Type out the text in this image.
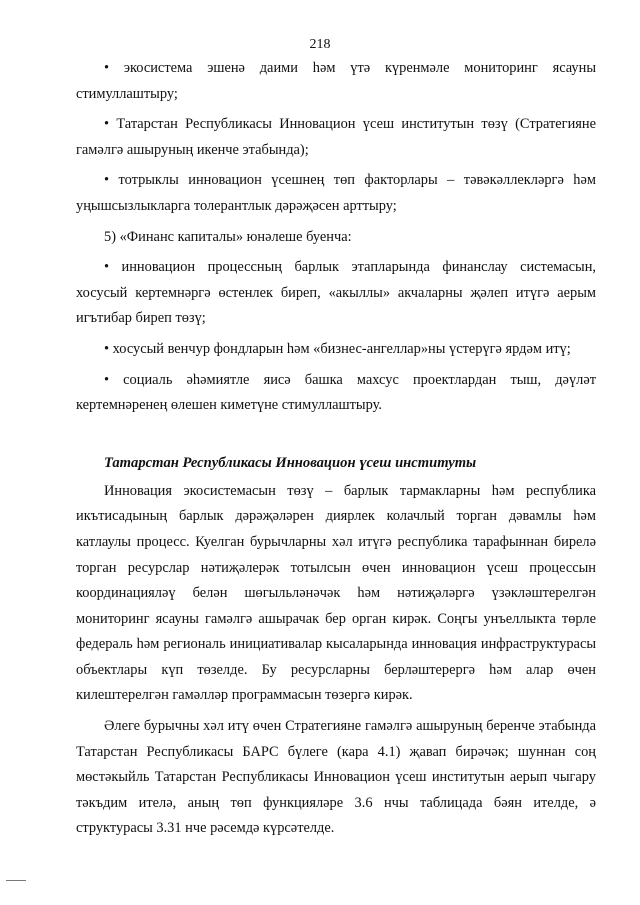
218

• экосистема эшенә даими һәм үтә күренмәле мониторинг ясауны стимуллаштыру;

• Татарстан Республикасы Инновацион үсеш институтын төзү (Стратегияне гамәлгә ашыруның икенче этабында);

• тотрыклы инновацион үсешнең төп факторлары – тәвәкәллекләргә һәм уңышсызлыкларга толерантлык дәрәҗәсен арттыру;

5) «Финанс капиталы» юнәлеше буенча:

• инновацион процессның барлык этапларында финанслау системасын, хосусый кертемнәргә өстенлек биреп, «акыллы» акчаларны җәлеп итүгә аерым игътибар биреп төзү;

• хосусый венчур фондларын һәм «бизнес-ангеллар»ны үстерүгә ярдәм итү;

• социаль әһәмиятле яисә башка махсус проектлардан тыш, дәүләт кертемнәренең өлешен киметүне стимуллаштыру.

Татарстан Республикасы Инновацион үсеш институты

Инновация экосистемасын төзү – барлык тармакларны һәм республика икътисадының барлык дәрәҗәләрен диярлек колачлый торган дәвамлы һәм катлаулы процесс. Куелган бурычларны хәл итүгә республика тарафыннан бирелә торган ресурслар нәтиҗәлерәк тотылсын өчен инновацион үсеш процессын координацияләү белән шөгыльләнәчәк һәм нәтиҗәләргә үзәкләштерелгән мониторинг ясауны гамәлгә ашырачак бер орган кирәк. Соңгы унъеллыкта төрле федераль һәм региональ инициативалар кысаларында инновация инфраструктурасы объектлары күп төзелде. Бу ресурсларны берләштерергә һәм алар өчен килештерелгән гамәлләр программасын төзергә кирәк.

Әлеге бурычны хәл итү өчен Стратегияне гамәлгә ашыруның беренче этабында Татарстан Республикасы БАРС бүлеге (кара 4.1) җавап бирәчәк; шуннан соң мөстәкыйль Татарстан Республикасы Инновацион үсеш институтын аерып чыгару тәкъдим ителә, аның төп функцияләре 3.6 нчы таблицада бәян ителде, ә структурасы 3.31 нче рәсемдә күрсәтелде.
